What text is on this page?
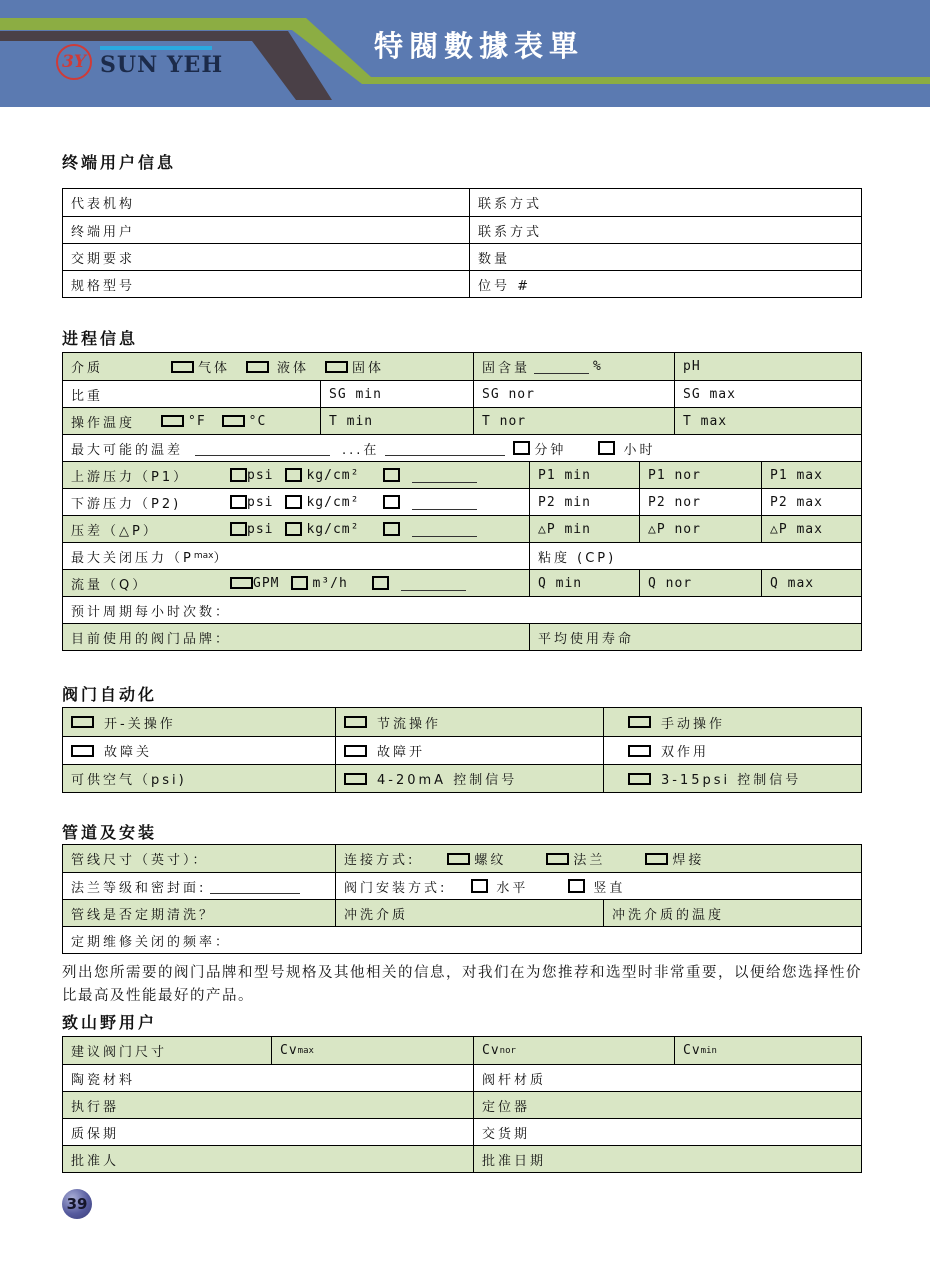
3Y SUN YEH
特閥數據表單
终端用户信息
代表机构	联系方式
终端用户	联系方式
交期要求	数量
规格型号	位号 #
进程信息
介质	气体	液体	固体	固含量	%	pH
比重	SG min	SG nor	SG max
操作温度	°F	°C	T min	T nor	T max
最大可能的温差	...在	分钟	小时
上游压力（P1）	psi	kg/cm²	P1 min	P1 nor	P1 max
下游压力（P2)	psi	kg/cm²	P2 min	P2 nor	P2 max
压差（△P）	psi	kg/cm²	△P min	△P nor	△P max
最大关闭压力（P max ）	粘度 (CP)
流量（Q）	GPM	m³/h	Q min	Q nor	Q max
预计周期每小时次数：
目前使用的阀门品牌：	平均使用寿命
阀门自动化
开-关操作	节流操作	手动操作
故障关	故障开	双作用
可供空气（psi)	4-20mA 控制信号	3-15psi 控制信号
管道及安装
管线尺寸（英寸）：	连接方式:	螺纹	法兰	焊接
法兰等级和密封面:	阀门安装方式:	水平	竖直
管线是否定期清洗？	冲洗介质	冲洗介质的温度
定期维修关闭的频率：
列出您所需要的阀门品牌和型号规格及其他相关的信息，对我们在为您推荐和选型时非常重要，以便给您选择性价比最高及性能最好的产品。
致山野用户
建议阀门尺寸	Cv max	Cv nor	Cv min
陶瓷材料	阀杆材质
执行器	定位器
质保期	交货期
批准人	批准日期
39
